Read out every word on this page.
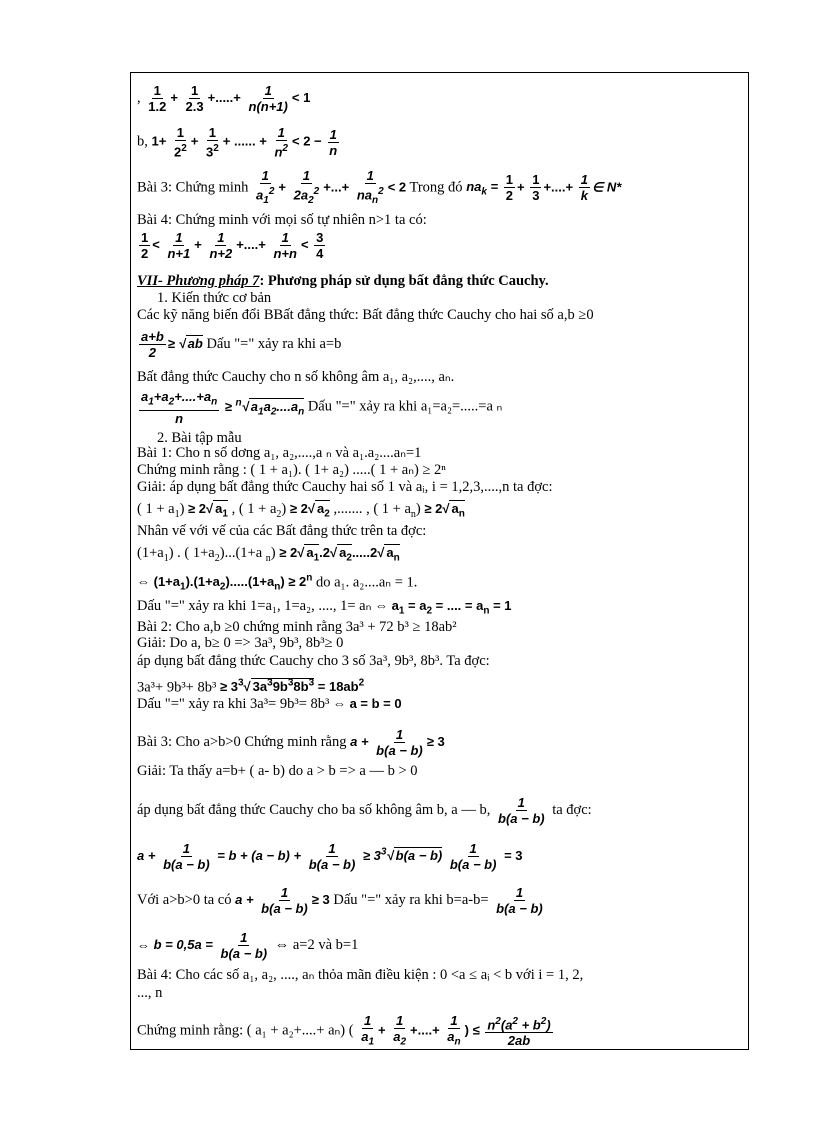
, $\frac{1}{1.2} + \frac{1}{2.3}$ +.....+ $\frac{1}{n(n+1)} < 1$
b, $1+ \frac{1}{2^2} + \frac{1}{3^2}$ + ...... + $\frac{1}{n^2} < 2 - \frac{1}{n}$
Bài 3: Chứng minh $\frac{1}{a_1^2} + \frac{1}{2a_2^2}$ +...+
1
$na_n^2 < 2$ Trong đó $na_k = \frac{1}{2} + \frac{1}{3}$ +....+ $\frac{1}{k}$ ∈ N*
Bài 4: Chứng minh với mọi số tự nhiên n>1 ta có:
$\frac{1}{2} < \frac{1}{n+1} + \frac{1}{n+2}$ +....+ $\frac{1}{n+n} < \frac{3}{4}$
VII- Phương pháp 7: Phương pháp sử dụng bất đẳng thức Cauchy.
1. Kiến thức cơ bản
Các kỹ năng biến đổi BBất đẳng thức: Bất đẳng thức Cauchy cho hai số a,b ≥0
$\frac{a+b}{2}$ ≥ √ ab Dấu "=" xảy ra khi a=b
Bất đẳng thức Cauchy cho n số không âm a₁, a₂,...., aₙ.
$\frac{a_1+a_2+....+a_n}{n} \ge ^n√$ $a_1a_2....a_n$ Dấu "=" xảy ra khi a₁=a₂=.....=a ₙ
2. Bài tập mẫu
Bài 1: Cho n số dơng a₁, a₂,....,a ₙ và a₁.a₂....aₙ=1
Chứng minh rằng : ( 1 + a₁). ( 1+ a₂) .....( 1 + aₙ) ≥ 2ⁿ
Giải: áp dụng bất đẳng thức Cauchy hai số 1 và aᵢ, i = 1,2,3,....,n ta đợc:
( $1 + a_1) \ge 2√$ $a_1$ , ( $1 + a_2) \ge 2√$ $a_2$ ,....... , ( $1 + a_n) \ge 2√$ $a_n$
Nhân vế với vế của các Bất đẳng thức trên ta đợc:
$(1+a_1)$ . ( $1+a_2)...(1+a$ $_n$) ≥ 2√ $a_1.2√$ $a_2.....2√$ $a_n$
⇔ $(1+a_1).(1+a_2).....(1+a_n) \ge 2^n$ do a₁. a₂....aₙ = 1.
Dấu "=" xảy ra khi 1=a₁, 1=a₂, ...., 1= aₙ ⇔ $a_1 = a_2$ = .... = $a_n = 1$
Bài 2: Cho a,b ≥0 chứng minh rằng 3a³ + 72 b³ ≥ 18ab²
Giải: Do a, b≥ 0 => 3a³, 9b³, 8b³≥ 0
áp dụng bất đẳng thức Cauchy cho 3 số 3a³, 9b³, 8b³. Ta đợc:
$3a^3+ 9b^3+ 8b^3 \ge 3^3√$ $3a^39b^38b^3 = 18ab^2$
Dấu "=" xảy ra khi 3a³= 9b³= 8b³ ⇔ a = b = 0
Bài 3: Cho a>b>0 Chứng minh rằng $a + \frac{1}{b(a - b)} \ge 3$
Giải: Ta thấy a=b+ ( a- b) do a > b => a — b > 0
áp dụng bất đẳng thức Cauchy cho ba số không âm b, a — b, $\frac{1}{b(a - b)}$ ta đợc:
$a + \frac{1}{b(a - b)} = b + (a - b) + \frac{1}{b(a - b)} \ge 3^3√$ $b(a - b) \frac{1}{b(a - b)} = 3$
Với a>b>0 ta có $a + \frac{1}{b(a - b)} \ge 3$ Dấu "=" xảy ra khi $b=a-b= \frac{1}{b(a - b)}$
⇔ $b = 0,5a = \frac{1}{b(a - b)}$ ⇔ a=2 và b=1
Bài 4: Cho các số a₁, a₂, ...., aₙ thỏa mãn điều kiện : 0 <a ≤ aᵢ < b với i = 1, 2,
..., n
Chứng minh rằng: ( a₁ + a₂+....+ aₙ) ( $\frac{1}{a_1} + \frac{1}{a_2}$ +....+ $\frac{1}{a_n}$ ) ≤ $\frac{n^2(a^2 + b^2)}{2ab}$
